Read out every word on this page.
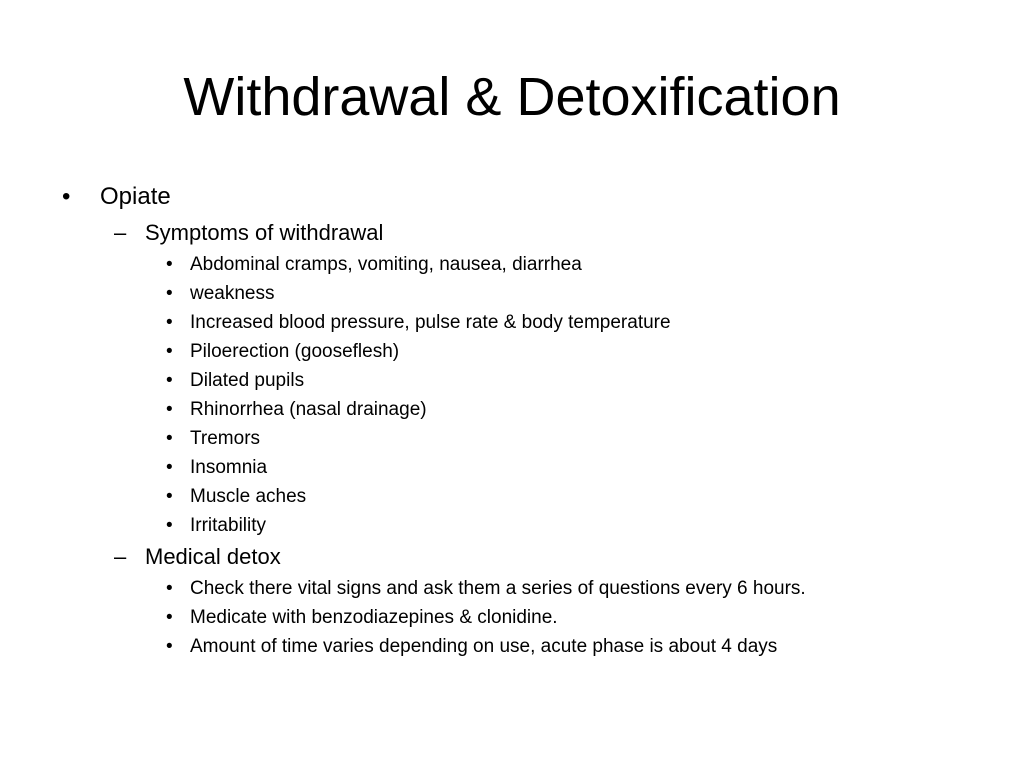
Withdrawal & Detoxification
• Opiate
– Symptoms of withdrawal
• Abdominal cramps, vomiting, nausea, diarrhea
• weakness
• Increased blood pressure, pulse rate & body temperature
• Piloerection (gooseflesh)
• Dilated pupils
• Rhinorrhea (nasal drainage)
• Tremors
• Insomnia
• Muscle aches
• Irritability
– Medical detox
• Check there vital signs and ask them a series of questions every 6 hours.
• Medicate with benzodiazepines & clonidine.
• Amount of time varies depending on use, acute phase is about 4 days
